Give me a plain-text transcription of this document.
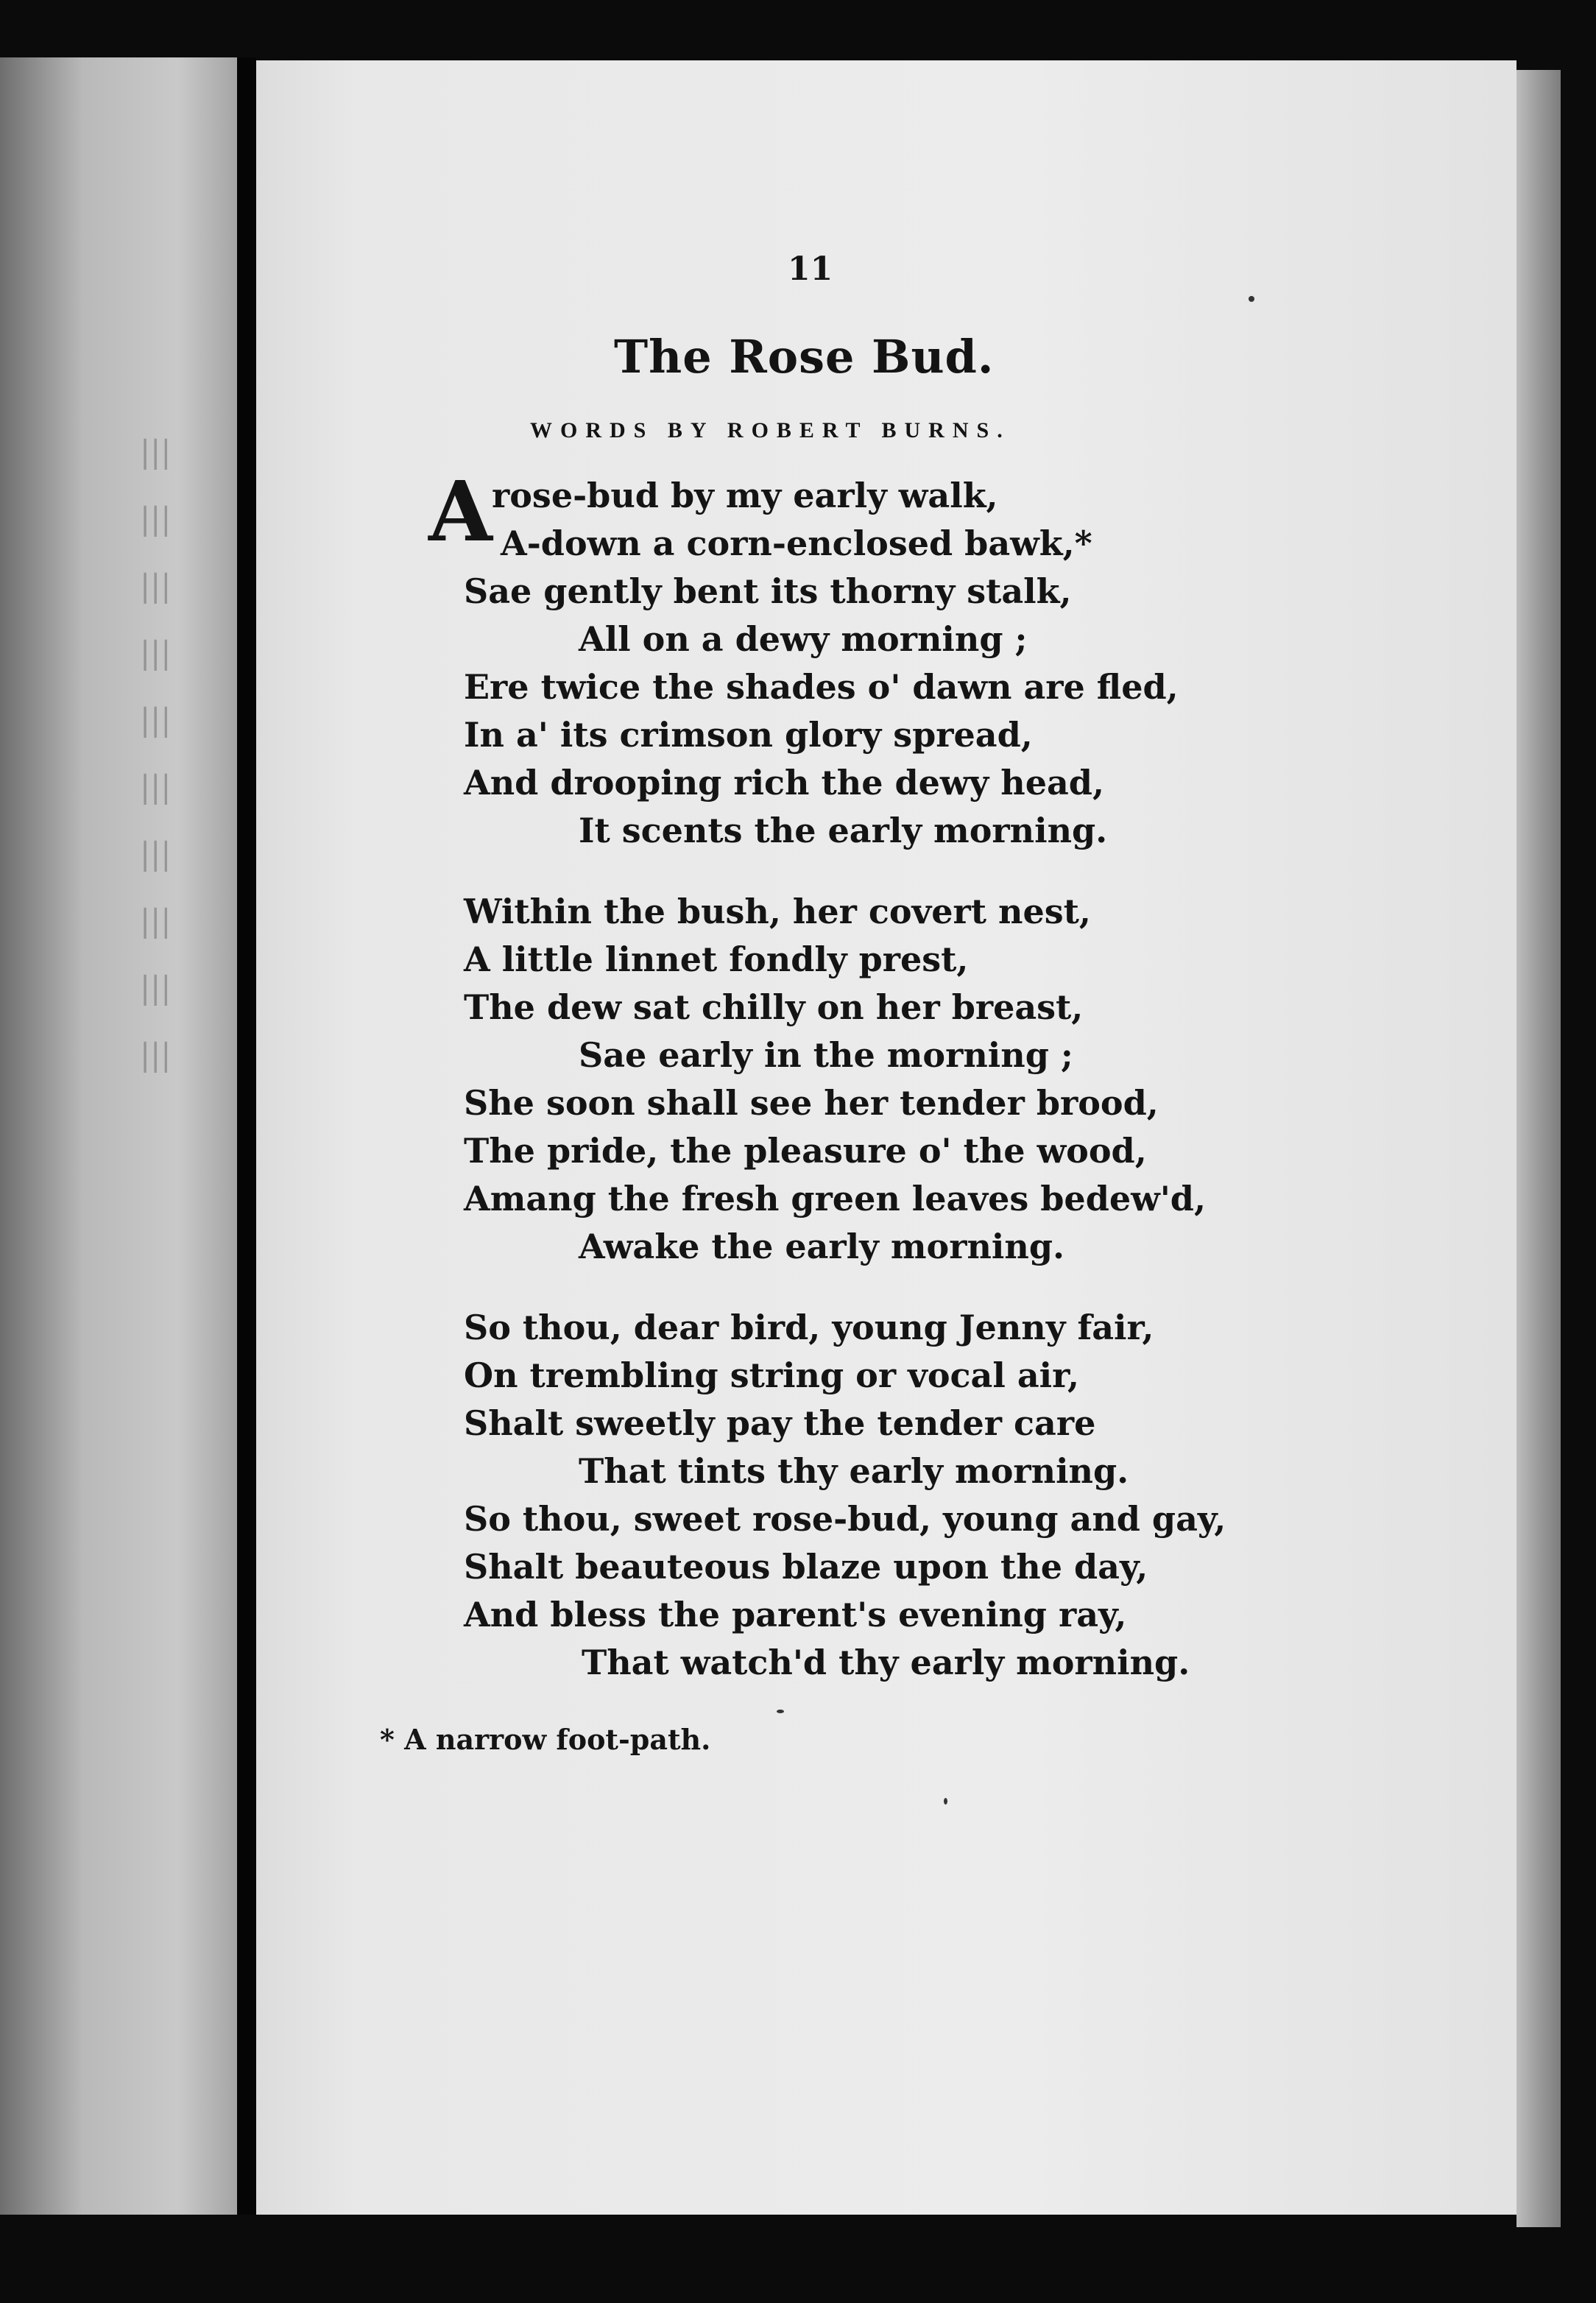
|||
|||
|||
|||
|||
|||
|||
|||
|||
|||
11
The Rose Bud.
WORDS BY ROBERT BURNS.
A rose-bud by my early walk,
A-down a corn-enclosed bawk,*
Sae gently bent its thorny stalk,
All on a dewy morning ;
Ere twice the shades o' dawn are fled,
In a' its crimson glory spread,
And drooping rich the dewy head,
It scents the early morning.
Within the bush, her covert nest,
A little linnet fondly prest,
The dew sat chilly on her breast,
Sae early in the morning ;
She soon shall see her tender brood,
The pride, the pleasure o' the wood,
Amang the fresh green leaves bedew'd,
Awake the early morning.
So thou, dear bird, young Jenny fair,
On trembling string or vocal air,
Shalt sweetly pay the tender care
That tints thy early morning.
So thou, sweet rose-bud, young and gay,
Shalt beauteous blaze upon the day,
And bless the parent's evening ray,
That watch'd thy early morning.
* A narrow foot-path.
